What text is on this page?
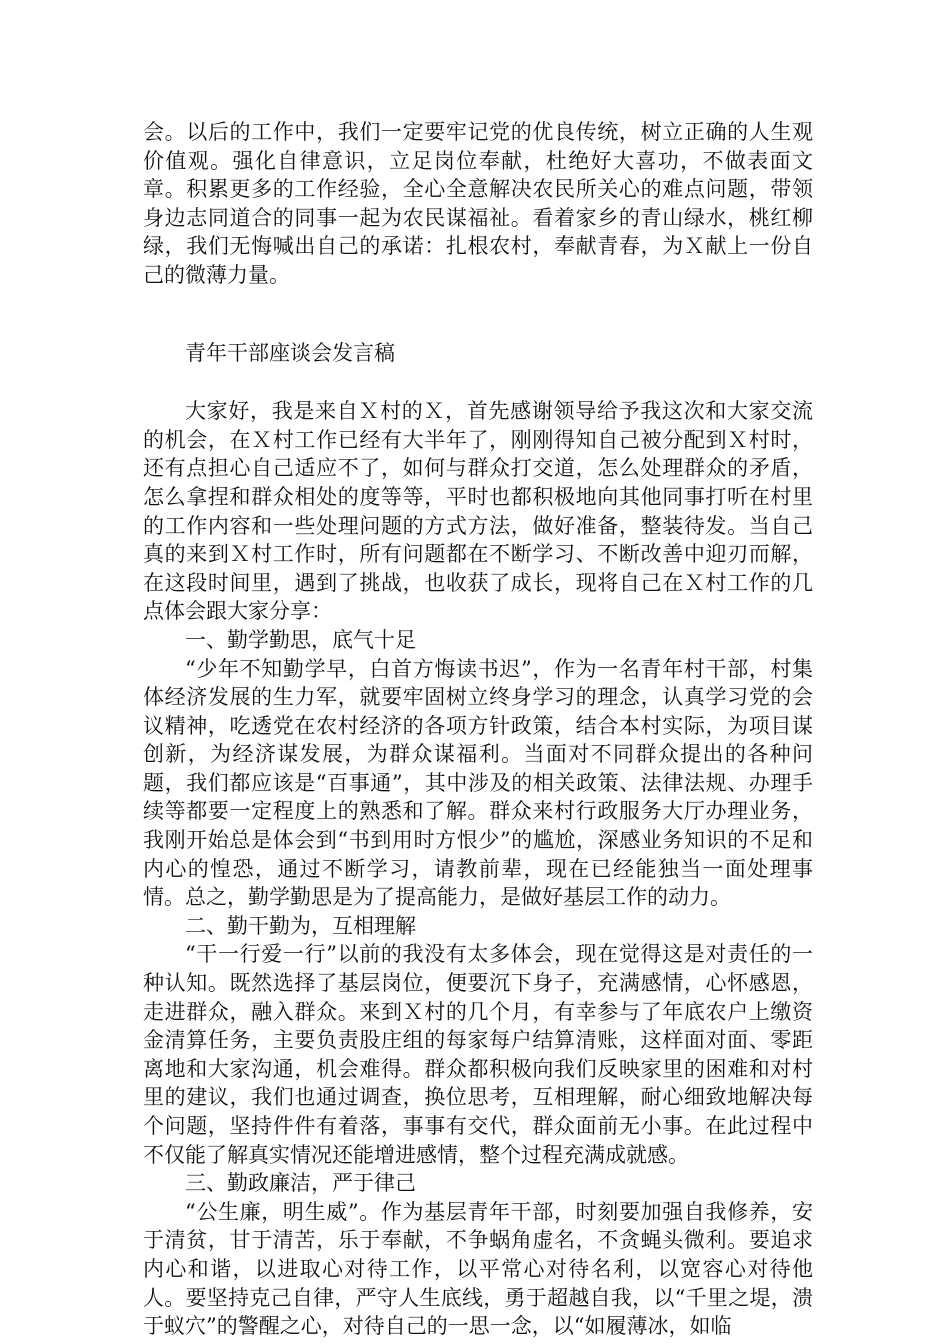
会。以后的工作中，我们一定要牢记党的优良传统，树立正确的人生观价值观。强化自律意识，立足岗位奉献，杜绝好大喜功，不做表面文章。积累更多的工作经验，全心全意解决农民所关心的难点问题，带领身边志同道合的同事一起为农民谋福祉。看着家乡的青山绿水，桃红柳绿，我们无悔喊出自己的承诺：扎根农村，奉献青春，为Ｘ献上一份自己的微薄力量。

青年干部座谈会发言稿

大家好，我是来自Ｘ村的Ｘ，首先感谢领导给予我这次和大家交流的机会，在Ｘ村工作已经有大半年了，刚刚得知自己被分配到Ｘ村时，还有点担心自己适应不了，如何与群众打交道，怎么处理群众的矛盾，怎么拿捏和群众相处的度等等，平时也都积极地向其他同事打听在村里的工作内容和一些处理问题的方式方法，做好准备，整装待发。当自己真的来到Ｘ村工作时，所有问题都在不断学习、不断改善中迎刃而解，在这段时间里，遇到了挑战，也收获了成长，现将自己在Ｘ村工作的几点体会跟大家分享：

一、勤学勤思，底气十足

“少年不知勤学早，白首方悔读书迟”，作为一名青年村干部，村集体经济发展的生力军，就要牢固树立终身学习的理念，认真学习党的会议精神，吃透党在农村经济的各项方针政策，结合本村实际，为项目谋创新，为经济谋发展，为群众谋福利。当面对不同群众提出的各种问题，我们都应该是“百事通”，其中涉及的相关政策、法律法规、办理手续等都要一定程度上的熟悉和了解。群众来村行政服务大厅办理业务，我刚开始总是体会到“书到用时方恨少”的尴尬，深感业务知识的不足和内心的惶恐，通过不断学习，请教前辈，现在已经能独当一面处理事情。总之，勤学勤思是为了提高能力，是做好基层工作的动力。

二、勤干勤为，互相理解

“干一行爱一行”以前的我没有太多体会，现在觉得这是对责任的一种认知。既然选择了基层岗位，便要沉下身子，充满感情，心怀感恩，走进群众，融入群众。来到Ｘ村的几个月，有幸参与了年底农户上缴资金清算任务，主要负责股庄组的每家每户结算清账，这样面对面、零距离地和大家沟通，机会难得。群众都积极向我们反映家里的困难和对村里的建议，我们也通过调查，换位思考，互相理解，耐心细致地解决每个问题，坚持件件有着落，事事有交代，群众面前无小事。在此过程中不仅能了解真实情况还能增进感情，整个过程充满成就感。

三、勤政廉洁，严于律己

“公生廉，明生威”。作为基层青年干部，时刻要加强自我修养，安于清贫，甘于清苦，乐于奉献，不争蜗角虚名，不贪蝇头微利。要追求内心和谐，以进取心对待工作，以平常心对待名利，以宽容心对待他人。要坚持克己自律，严守人生底线，勇于超越自我，以“千里之堤，溃于蚁穴”的警醒之心，对待自己的一思一念，以“如履薄冰，如临
